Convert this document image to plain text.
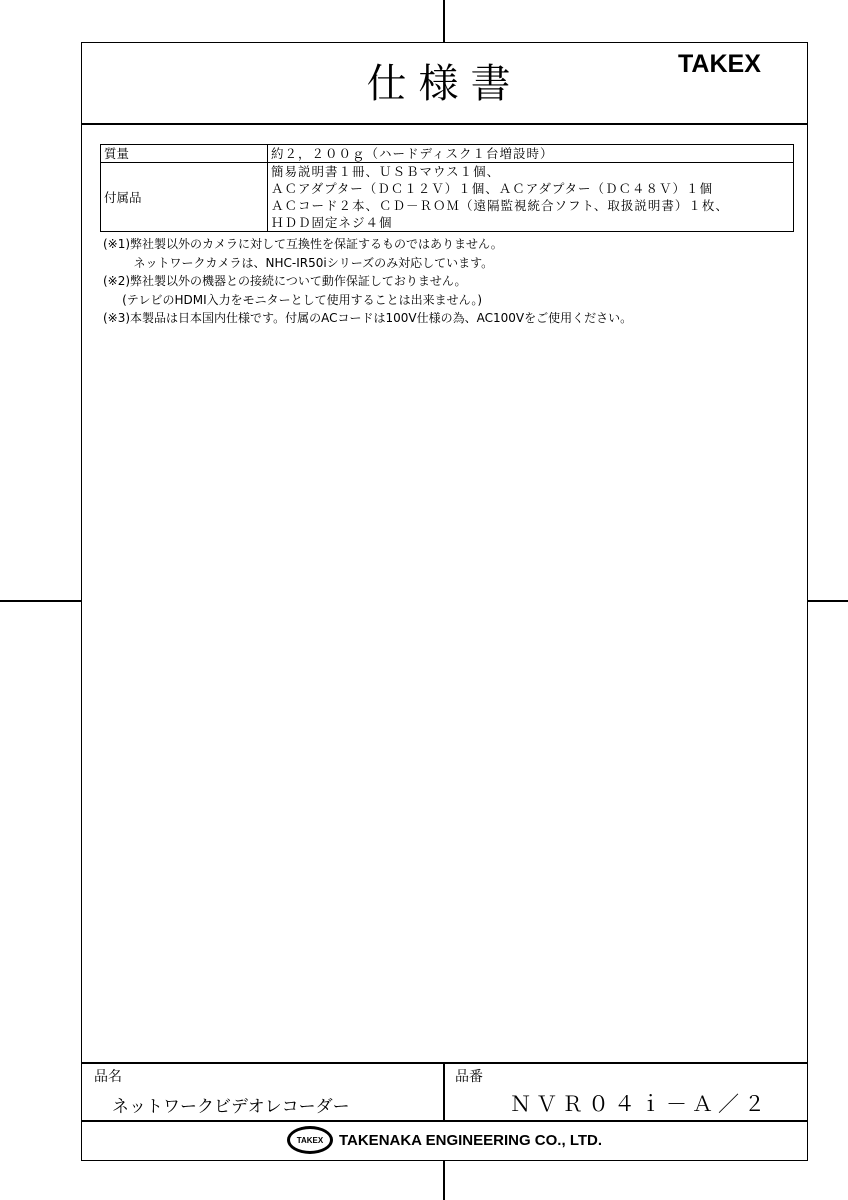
仕様書	TAKEX
質量	約２，２００ｇ（ハードディスク１台増設時）

付属品	簡易説明書１冊、ＵＳＢマウス１個、
ＡＣアダプター（ＤＣ１２Ｖ）１個、ＡＣアダプター（ＤＣ４８Ｖ）１個
ＡＣコード２本、ＣＤ－ＲＯＭ（遠隔監視統合ソフト、取扱説明書）１枚、
ＨＤＤ固定ネジ４個
(※1)弊社製以外のカメラに対して互換性を保証するものではありません。
ネットワークカメラは、NHC-IR50iシリーズのみ対応しています。
(※2)弊社製以外の機器との接続について動作保証しておりません。
(テレビのHDMI入力をモニターとして使用することは出来ません。)
(※3)本製品は日本国内仕様です。付属のACコードは100V仕様の為、AC100Vをご使用ください。
品名
ネットワークビデオレコーダー
品番
ＮＶＲ０４ｉ－Ａ／２
TAKEX	TAKENAKA ENGINEERING CO., LTD.
